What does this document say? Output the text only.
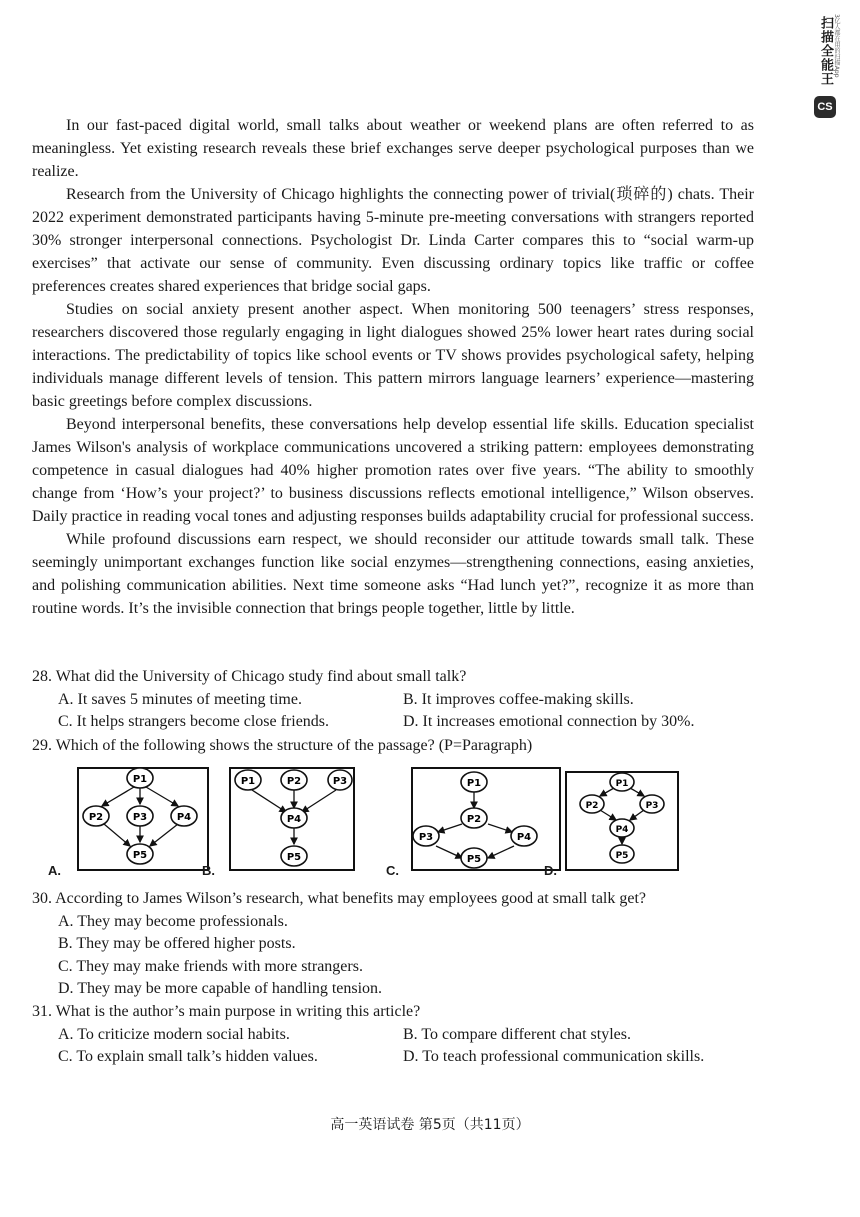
扫描全能王 3亿人都在用的扫描App
CS

In our fast-paced digital world, small talks about weather or weekend plans are often referred to as meaningless. Yet existing research reveals these brief exchanges serve deeper psychological purposes than we realize.

Research from the University of Chicago highlights the connecting power of trivial(琐碎的) chats. Their 2022 experiment demonstrated participants having 5-minute pre-meeting conversations with strangers reported 30% stronger interpersonal connections. Psychologist Dr. Linda Carter compares this to “social warm-up exercises” that activate our sense of community. Even discussing ordinary topics like traffic or coffee preferences creates shared experiences that bridge social gaps.

Studies on social anxiety present another aspect. When monitoring 500 teenagers’ stress responses, researchers discovered those regularly engaging in light dialogues showed 25% lower heart rates during social interactions. The predictability of topics like school events or TV shows provides psychological safety, helping individuals manage different levels of tension. This pattern mirrors language learners’ experience—mastering basic greetings before complex discussions.

Beyond interpersonal benefits, these conversations help develop essential life skills. Education specialist James Wilson's analysis of workplace communications uncovered a striking pattern: employees demonstrating competence in casual dialogues had 40% higher promotion rates over five years. “The ability to smoothly change from ‘How’s your project?’ to business discussions reflects emotional intelligence,” Wilson observes. Daily practice in reading vocal tones and adjusting responses builds adaptability crucial for professional success.

While profound discussions earn respect, we should reconsider our attitude towards small talk. These seemingly unimportant exchanges function like social enzymes—strengthening connections, easing anxieties, and polishing communication abilities. Next time someone asks “Had lunch yet?”, recognize it as more than routine words. It’s the invisible connection that brings people together, little by little.

28. What did the University of Chicago study find about small talk?

A. It saves 5 minutes of meeting time.	B. It improves coffee-making skills.
C. It helps strangers become close friends.	D. It increases emotional connection by 30%.

29. Which of the following shows the structure of the passage? (P=Paragraph)

P1
P2	P3	P4
P5
A.
P1	P2	P3
P4
P5
B.
P1
P2
P3	P4
P5
C.
P1
P2	P3
P4
P5
D.

30. According to James Wilson’s research, what benefits may employees good at small talk get?

A. They may become professionals.
B. They may be offered higher posts.
C. They may make friends with more strangers.
D. They may be more capable of handling tension.

31. What is the author’s main purpose in writing this article?

A. To criticize modern social habits.	B. To compare different chat styles.
C. To explain small talk’s hidden values.	D. To teach professional communication skills.
高一英语试卷 第5页（共11页）
